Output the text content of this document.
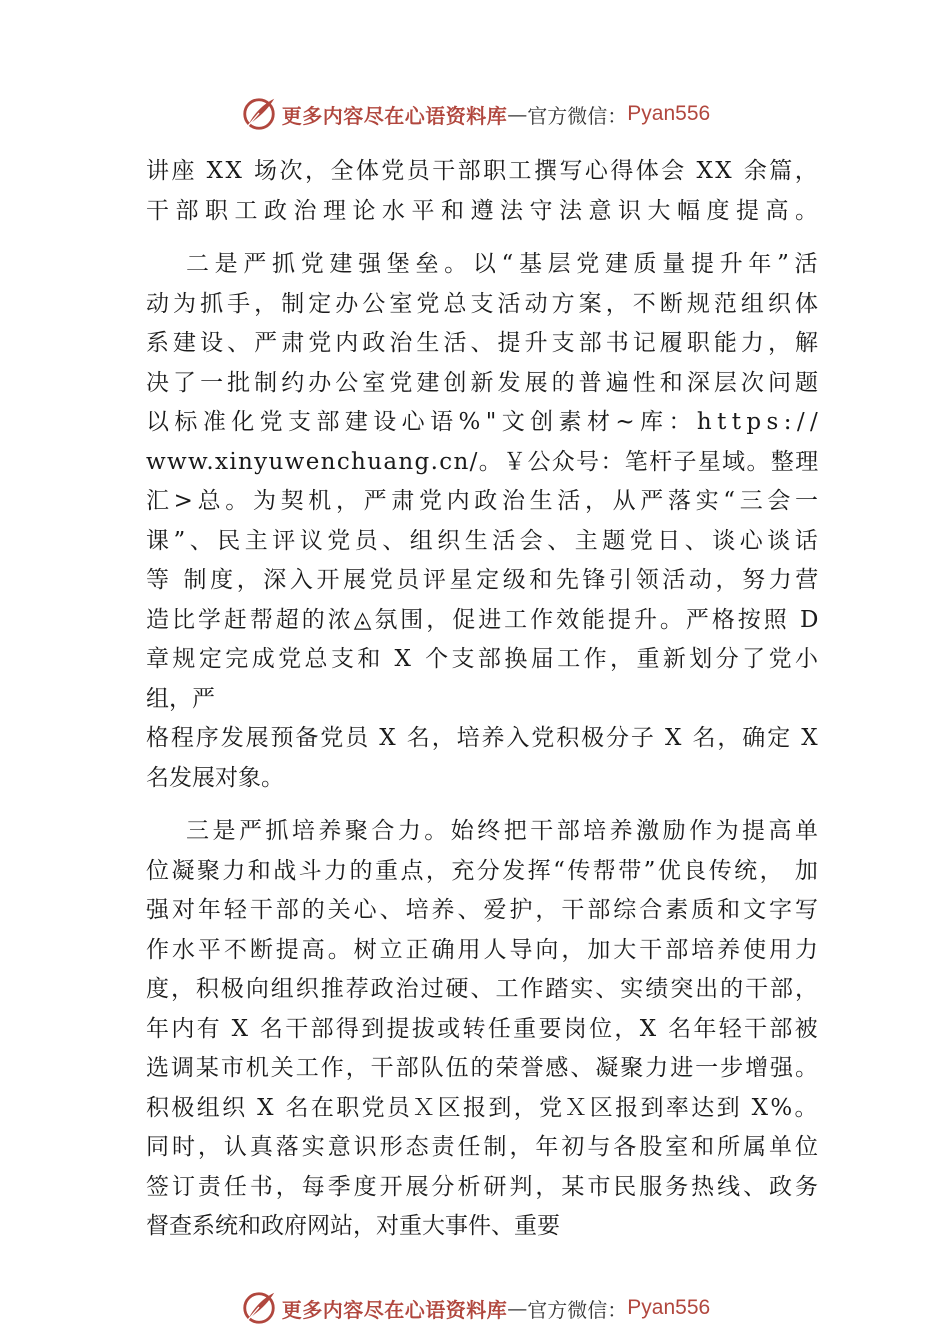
更多内容尽在心语资料库 — 官方微信： Pyan556
讲座 XX 场次，全体党员干部职工撰写心得体会 XX 余篇，
干部职工政治理论水平和遵法守法意识大幅度提高。
二是严抓党建强堡垒。以“基层党建质量提升年”活
动为抓手，制定办公室党总支活动方案，不断规范组织体
系建设、严肃党内政治生活、提升支部书记履职能力，解
决了一批制约办公室党建创新发展的普遍性和深层次问题
以标准化党支部建设心语%"文创素材~库：https://
www.xinyuwenchuang.cn/。￥公众号：笔杆子星域。整理
汇>总。为契机，严肃党内政治生活，从严落实“三会一
课”、民主评议党员、组织生活会、主题党日、谈心谈话
等 制度，深入开展党员评星定级和先锋引领活动，努力营
造比学赶帮超的浓◬氛围，促进工作效能提升。严格按照 D
章规定完成党总支和 X 个支部换届工作，重新划分了党小
组，严
格程序发展预备党员 X 名，培养入党积极分子 X 名，确定 X
名发展对象。
三是严抓培养聚合力。始终把干部培养激励作为提高单
位凝聚力和战斗力的重点，充分发挥“传帮带”优良传统， 加
强对年轻干部的关心、培养、爱护，干部综合素质和文字写
作水平不断提高。树立正确用人导向，加大干部培养使用力
度，积极向组织推荐政治过硬、工作踏实、实绩突出的干部，
年内有 X 名干部得到提拔或转任重要岗位，X 名年轻干部被
选调某市机关工作，干部队伍的荣誉感、凝聚力进一步增强。
积极组织 X 名在职党员Ｘ区报到，党Ｘ区报到率达到 X%。
同时，认真落实意识形态责任制，年初与各股室和所属单位
签订责任书，每季度开展分析研判，某市民服务热线、政务
督查系统和政府网站，对重大事件、重要
更多内容尽在心语资料库 — 官方微信： Pyan556
